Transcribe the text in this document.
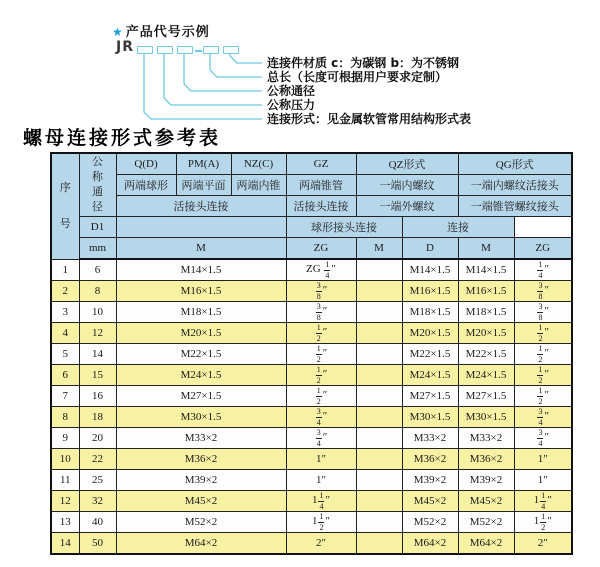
★ 产品代号示例
JR
连接件材质 c：为碳钢 b：为不锈钢
总长（长度可根据用户要求定制）
公称通径
公称压力
连接形式：见金属软管常用结构形式表
螺母连接形式参考表
序号	公称通径	Q(D)	PM(A)	NZ(C)	GZ	QZ形式		QG形式	
		两端球形	两端平面	两端内锥	两端锥管	一端内螺纹		一端内螺纹活接头	
		活接头连接			活接头连接	一端外螺纹		一端锥管螺纹接头	
	D1				球形接头连接		连接		
	mm	M			ZG	M	D	M	ZG
1	6	M14×1.5			ZG $\frac{1}{4}$ ″		M14×1.5	M14×1.5	$\frac{1}{4}$ ″
2	8	M16×1.5			$\frac{3}{8}$ ″		M16×1.5	M16×1.5	$\frac{3}{8}$ ″
3	10	M18×1.5			$\frac{3}{8}$ ″		M18×1.5	M18×1.5	$\frac{3}{8}$ ″
4	12	M20×1.5			$\frac{1}{2}$ ″		M20×1.5	M20×1.5	$\frac{1}{2}$ ″
5	14	M22×1.5			$\frac{1}{2}$ ″		M22×1.5	M22×1.5	$\frac{1}{2}$ ″
6	15	M24×1.5			$\frac{1}{2}$ ″		M24×1.5	M24×1.5	$\frac{1}{2}$ ″
7	16	M27×1.5			$\frac{1}{2}$ ″		M27×1.5	M27×1.5	$\frac{1}{2}$ ″
8	18	M30×1.5			$\frac{3}{4}$ ″		M30×1.5	M30×1.5	$\frac{3}{4}$ ″
9	20	M33×2			$\frac{3}{4}$ ″		M33×2	M33×2	$\frac{3}{4}$ ″
10	22	M36×2			1″		M36×2	M36×2	1″
11	25	M39×2			1″		M39×2	M39×2	1″
12	32	M45×2			$1 \frac{1}{4}$ ″		M45×2	M45×2	$1 \frac{1}{4}$ ″
13	40	M52×2			$1 \frac{1}{2}$ ″		M52×2	M52×2	$1 \frac{1}{2}$ ″
14	50	M64×2			2″		M64×2	M64×2	2″
